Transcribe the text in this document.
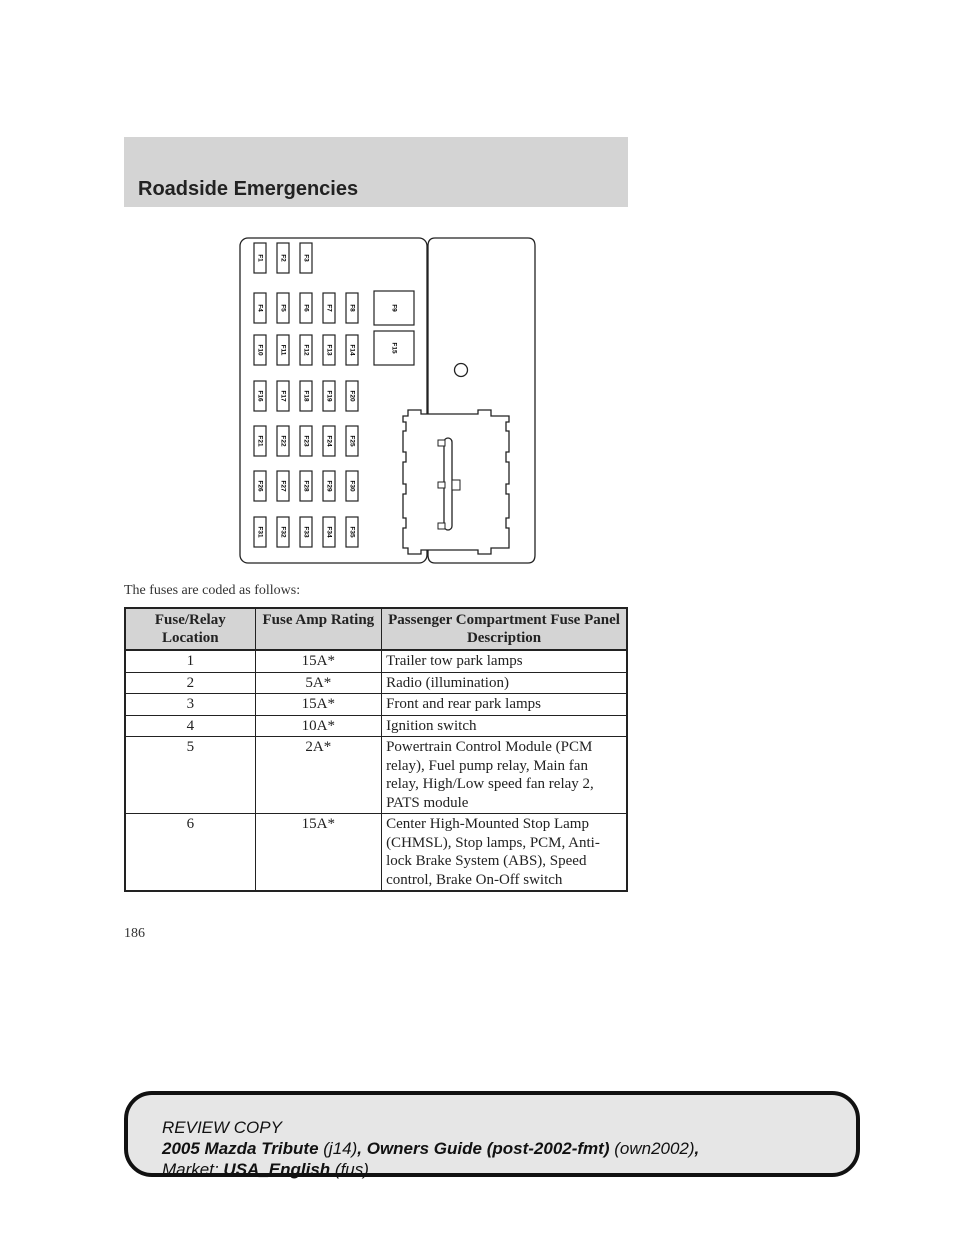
Roadside Emergencies
F1 F2 F3
F4 F5 F6 F7 F8
F10 F11 F12 F13 F14
F16 F17 F18 F19 F20
F21 F22 F23 F24 F25
F26 F27 F28 F29 F30
F31 F32 F33 F34 F35
F9
F15
The fuses are coded as follows:
Fuse/Relay Location	Fuse Amp Rating	Passenger Compartment Fuse Panel Description
1	15A*	Trailer tow park lamps
2	5A*	Radio (illumination)
3	15A*	Front and rear park lamps
4	10A*	Ignition switch
5	2A*	Powertrain Control Module (PCM relay), Fuel pump relay, Main fan relay, High/Low speed fan relay 2, PATS module
6	15A*	Center High-Mounted Stop Lamp (CHMSL), Stop lamps, PCM, Anti-lock Brake System (ABS), Speed control, Brake On-Off switch
186
REVIEW COPY
2005 Mazda Tribute (j14), Owners Guide (post-2002-fmt) (own2002),
Market: USA_English (fus)
